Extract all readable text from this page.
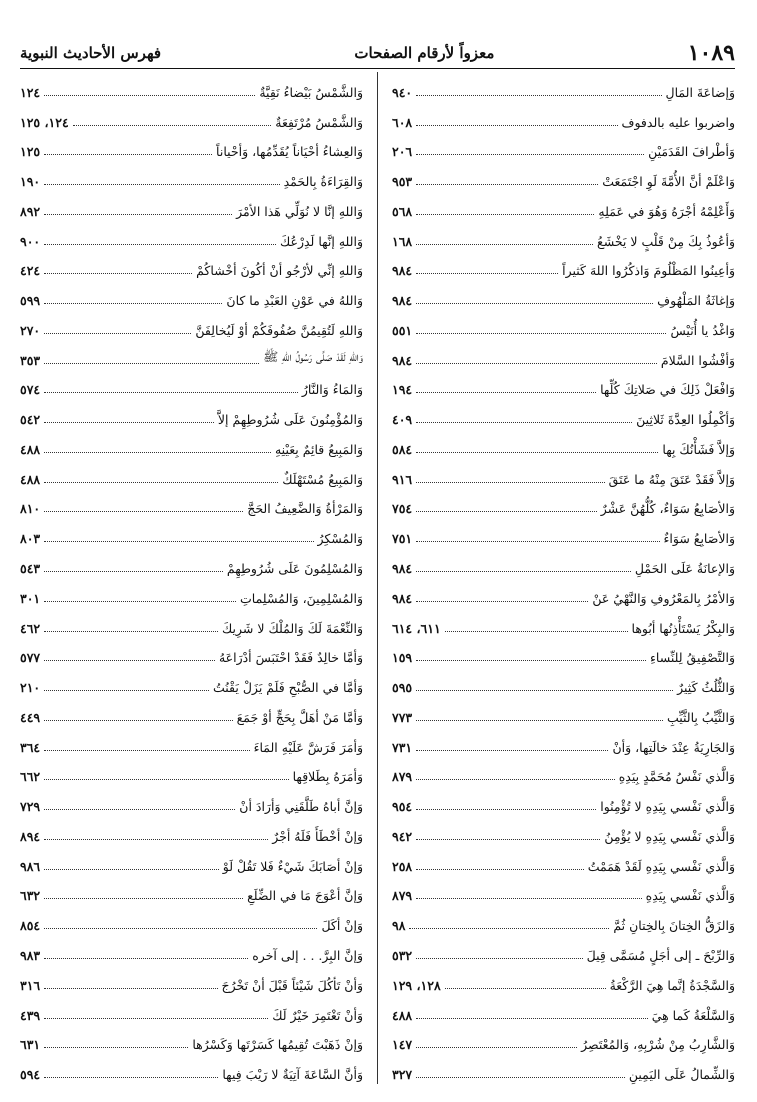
١٠٨٩
معزواً لأرقام الصفحات
فهرس الأحاديث النبوية
وَإضاعَةَ المَالِ
٩٤٠
واضربوا عليه بالدفوف
٦٠٨
وَأطْرافَ القَدَمَيْنِ
٢٠٦
وَاعْلَمْ أنَّ الأُمَّةَ لَوِ اجْتَمَعَتْ
٩٥٣
وَأَعْلِمْهُ أجْرَهُ وَهُوَ في عَمَلِهِ
٥٦٨
وَأعُوذُ بِكَ مِنْ قَلْبٍ لا يَخْشَعُ
١٦٨
وَأعِينُوا المَظْلُومَ وَاذكُرُوا اللهَ كَثيراً
٩٨٤
وَإغاثَةُ المَلْهُوفِ
٩٨٤
وَاغْدُ يا أُنَيْسُ
٥٥١
وَأفْشُوا السَّلامَ
٩٨٤
وَافْعَلْ ذَلِكَ في صَلاتِكَ كُلِّها
١٩٤
وَأكْمِلُوا العِدَّةَ ثَلاثِينَ
٤٠٩
وَإلاَّ فَشَأْنُكَ بِها
٥٨٤
وَإلاَّ فَقَدْ عَتَقَ مِنْهُ ما عَتَقَ
٩١٦
وَالأصَابِعُ سَوَاءٌ، كُلُّهُنَّ عَشْرٌ
٧٥٤
وَالأصَابِعُ سَوَاءٌ
٧٥١
وَالإعانَةُ عَلَى الحَمْلِ
٩٨٤
وَالأمْرُ بِالمَعْرُوفِ وَالنَّهْيُ عَنْ
٩٨٤
وَالبِكْرُ يَسْتَأْذِنُها أبُوها
٦١١، ٦١٤
وَالتَّصْفِيقُ لِلنِّساءِ
١٥٩
وَالثُّلُثُ كَثِيرٌ
٥٩٥
وَالثَّيِّبُ بِالثَّيِّبِ
٧٧٣
وَالجَارِيَةُ عِنْدَ خالَتِها، وَأنْ
٧٣١
وَالَّذي نَفْسُ مُحَمَّدٍ بِيَدِهِ
٨٧٩
وَالَّذي نَفْسي بِيَدِهِ لا تُؤْمِنُوا
٩٥٤
وَالَّذي نَفْسي بِيَدِهِ لا يُؤْمِنُ
٩٤٢
وَالَّذي نَفْسي بِيَدِهِ لَقَدْ هَمَمْتُ
٢٥٨
وَالَّذي نَفْسي بِيَدِهِ
٨٧٩
وَالزَقُّ الخِتانَ بِالخِتانِ ثُمَّ
٩٨
وَالرِّبْحَ ـ إلى أجَلٍ مُسَمَّى قِيلَ
٥٣٢
وَالسَّجْدَةُ إنَّما هِيَ الرَّكْعَةُ
١٢٨، ١٢٩
وَالسَّلْعَةُ كَما هِيَ
٤٨٨
وَالشَّارِبُ مِنْ شُرْبِهِ، وَالمُعْتَصِرُ
١٤٧
وَالشِّمالُ عَلَى اليَمِينِ
٣٢٧
وَالشَّمْسُ بَيْضاءُ نَقِيَّةٌ
١٢٤
وَالشَّمْسُ مُرْتَفِعَةٌ
١٢٤، ١٢٥
وَالعِشاءُ أحْيَاناً يُقَدِّمُها، وَأحْياناً
١٢٥
وَالقِرَاءَةُ بِالحَمْدِ
١٩٠
وَاللهِ إنَّا لا نُوَلِّي هَذا الأمْرَ
٨٩٢
وَاللهِ إنَّها لَدِرْعُكَ
٩٠٠
وَاللهِ إنِّي لأرْجُو أنْ أكُونَ أخْشاكُمْ
٤٢٤
وَاللهُ في عَوْنِ العَبْدِ ما كانَ
٥٩٩
وَاللهِ لَتُقِيمُنَّ صُفُوفَكُمْ أوْ لَيُخالِفَنَّ
٢٧٠
وَاللهِ لَقَدْ صَلَّى رَسُولُ اللهِ ﷺ
٣٥٣
وَالمَاءُ وَالنَّارُ
٥٧٤
وَالمُؤْمِنُونَ عَلَى شُرُوطِهِمْ إلاَّ
٥٤٢
وَالمَبِيعُ قائِمٌ بِعَيْنِهِ
٤٨٨
وَالمَبِيعُ مُسْتَهْلَكٌ
٤٨٨
وَالمَرْأةُ وَالضَّعِيفُ الحَجَّ
٨١٠
وَالمُسْكِرُ
٨٠٣
وَالمُسْلِمُونَ عَلَى شُرُوطِهِمْ
٥٤٣
وَالمُسْلِمِينَ، وَالمُسْلِماتِ
٣٠١
وَالنِّعْمَةَ لَكَ وَالمُلْكَ لا شَرِيكَ
٤٦٢
وَأمَّا خالِدٌ فَقَدْ احْتَبَسَ أدْرَاعَهُ
٥٧٧
وَأمَّا في الصُّبْحِ فَلَمْ يَزَلْ يَقْنُتُ
٢١٠
وَأمَّا مَنْ أهَلَّ بِحَجٍّ أوْ جَمَعَ
٤٤٩
وَأمَرَ فَرَشَّ عَلَيْهِ المَاءَ
٣٦٤
وَأمَرَهُ بِطَلاقِها
٦٦٢
وَإنَّ أباهُ طَلَّقَنِي وَأرَادَ أنْ
٧٢٩
وَإنْ أخْطَأَ فَلَهُ أجْرٌ
٨٩٤
وَإنْ أصَابَكَ شَيْءٌ فَلا تَقُلْ لَوْ
٩٨٦
وَإنَّ أعْوَجَ مَا في الضِّلَعِ
٦٣٢
وَإنْ أكَلَ
٨٥٤
وَإنَّ البِرَّ. . . إلى آخره
٩٨٣
وَأنْ تَأكُلَ شَيْئاً قَبْلَ أنْ تَخْرُجَ
٣١٦
وَأنْ تَغْتَمِرَ خَيْرٌ لَكَ
٤٣٩
وَإنْ ذَهَبْتَ تُقِيمُها كَسَرْتَها وَكَسْرُها
٦٣١
وَأنَّ السَّاعَةَ آتِيَةٌ لا رَيْبَ فِيها
٥٩٤
